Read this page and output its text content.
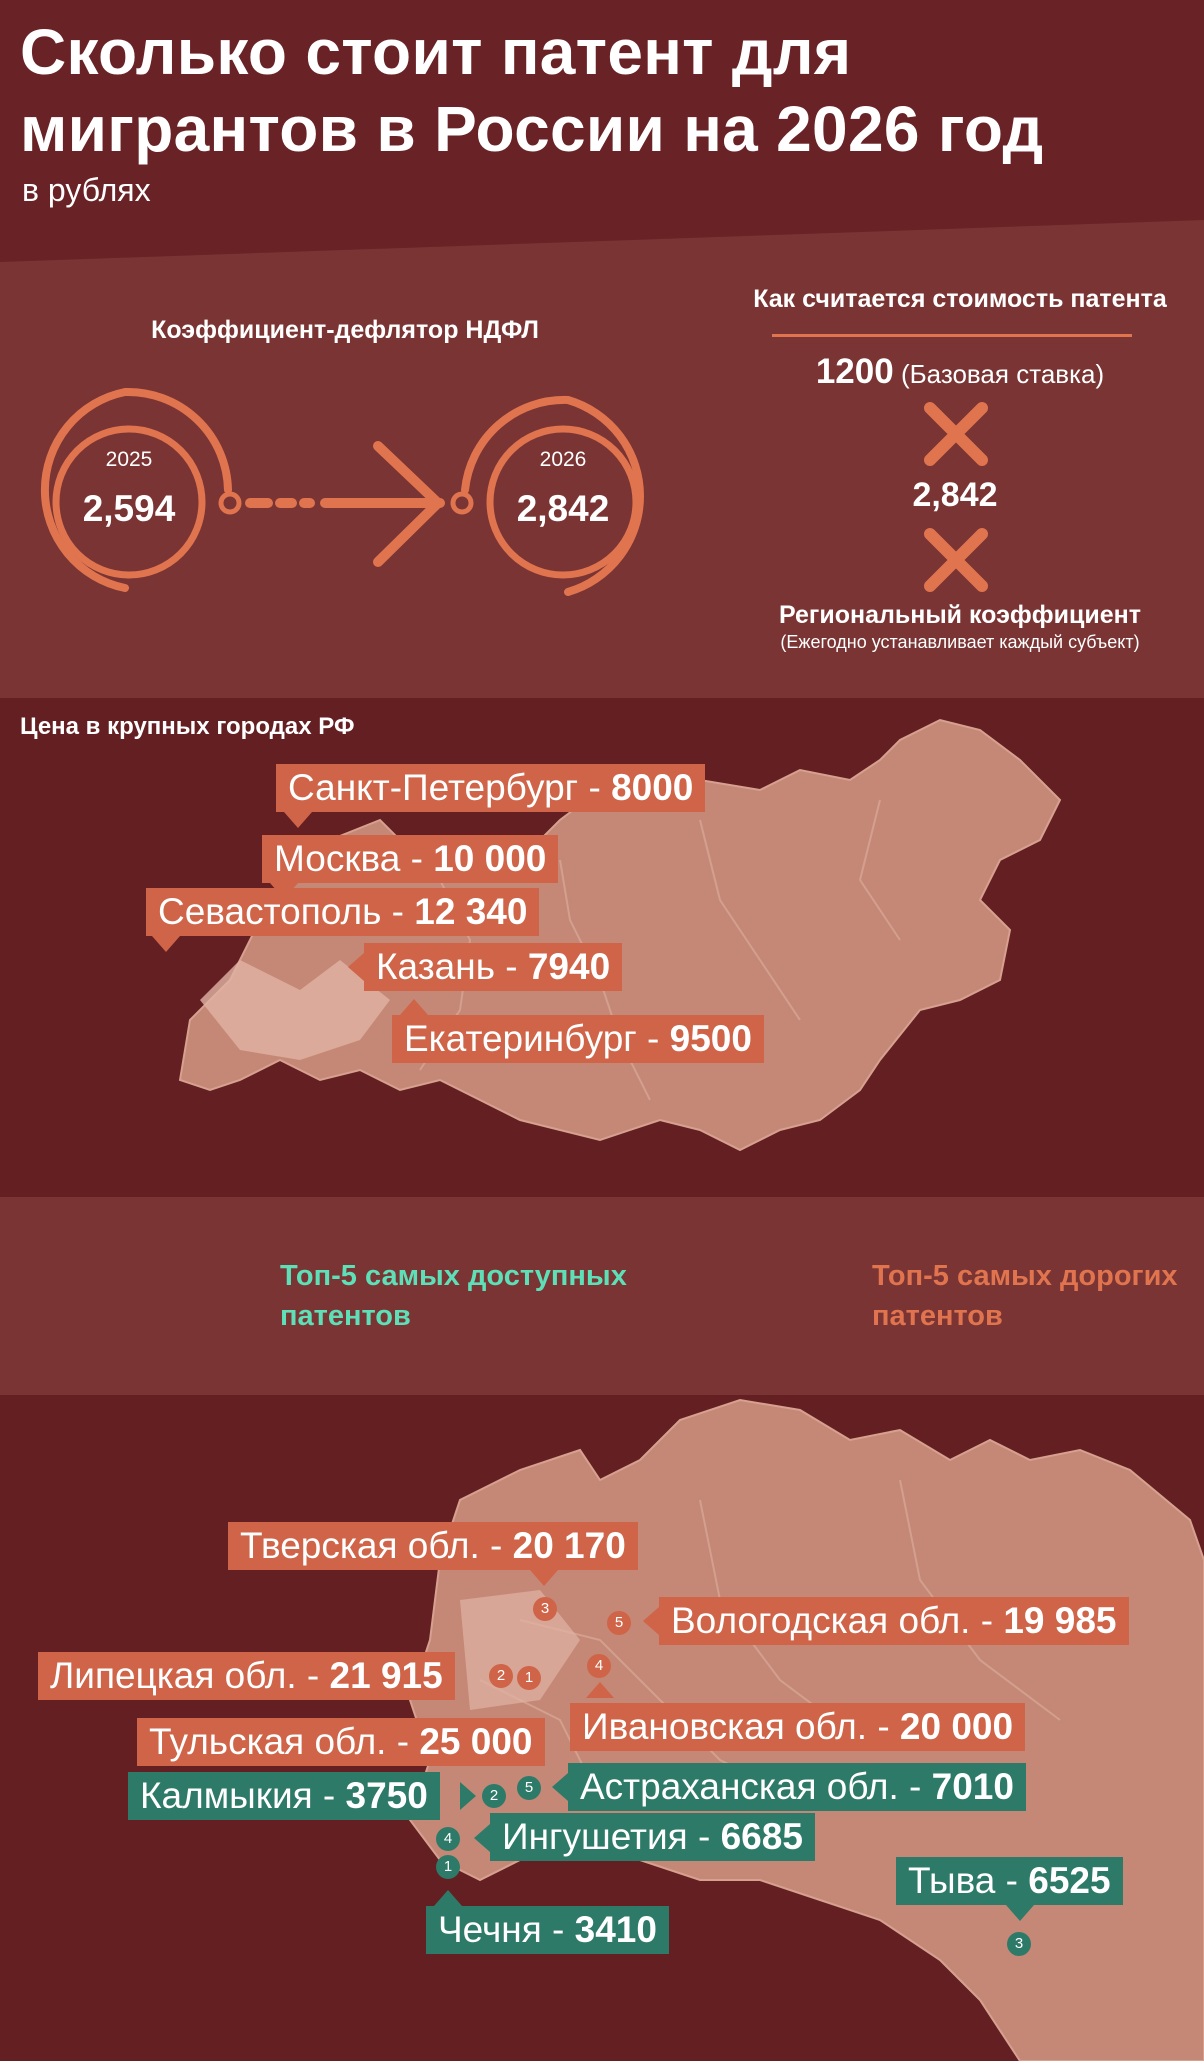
Сколько стоит патент для мигрантов в России на 2026 год
в рублях
Коэффициент-дефлятор НДФЛ
2025
2,594
2026
2,842
Как считается стоимость патента
1200 (Базовая ставка)
2,842
Региональный коэффициент
(Ежегодно устанавливает каждый субъект)
Цена в крупных городах РФ
Санкт-Петербург - 8000
Москва - 10 000
Севастополь - 12 340
Казань - 7940
Екатеринбург - 9500
Топ-5 самых доступных патентов
Топ-5 самых дорогих патентов
Тверская обл. - 20 170
3	Вологодская обл. - 19 985
5
Липецкая обл. - 21 915	2	1
4
Ивановская обл. - 20 000
Тульская обл. - 25 000
Калмыкия - 3750	2	5	Астраханская обл. - 7010
4	Ингушетия - 6685
1
Чечня - 3410
Тыва - 6525
3
